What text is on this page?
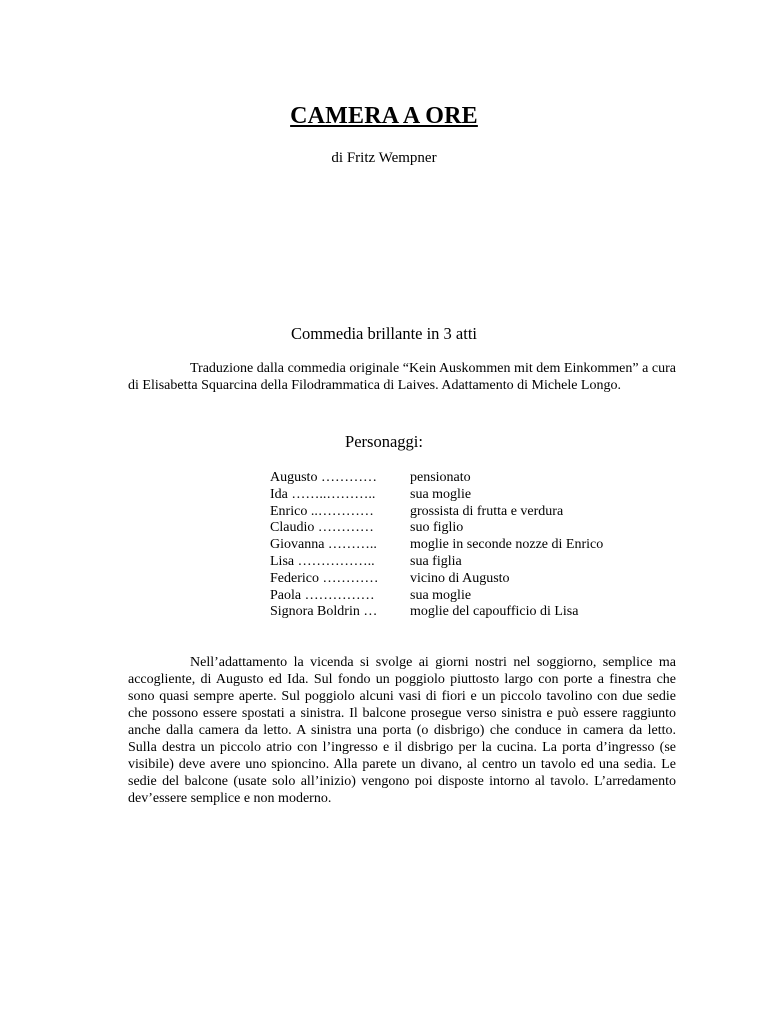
CAMERA A ORE
di Fritz Wempner
Commedia brillante in 3 atti
Traduzione dalla commedia originale “Kein Auskommen mit dem Einkommen” a cura di Elisabetta Squarcina della Filodrammatica di Laives. Adattamento di Michele Longo.
Personaggi:
Augusto …………	pensionato
Ida ……..………..	sua moglie
Enrico ..…………	grossista di frutta e verdura
Claudio …………	suo figlio
Giovanna ………..	moglie in seconde nozze di Enrico
Lisa ……………..	sua figlia
Federico …………	vicino di Augusto
Paola ……………	sua moglie
Signora Boldrin …	moglie del capoufficio di Lisa
Nell’adattamento la vicenda si svolge ai giorni nostri nel soggiorno, semplice ma accogliente, di Augusto ed Ida. Sul fondo un poggiolo piuttosto largo con porte a finestra che sono quasi sempre aperte. Sul poggiolo alcuni vasi di fiori e un piccolo tavolino con due sedie che possono essere spostati a sinistra. Il balcone prosegue verso sinistra e può essere raggiunto anche dalla camera da letto. A sinistra una porta (o disbrigo) che conduce in camera da letto. Sulla destra un piccolo atrio con l’ingresso e il disbrigo per la cucina. La porta d’ingresso (se visibile) deve avere uno spioncino. Alla parete un divano, al centro un tavolo ed una sedia. Le sedie del balcone (usate solo all’inizio) vengono poi disposte intorno al tavolo. L’arredamento dev’essere semplice e non moderno.
